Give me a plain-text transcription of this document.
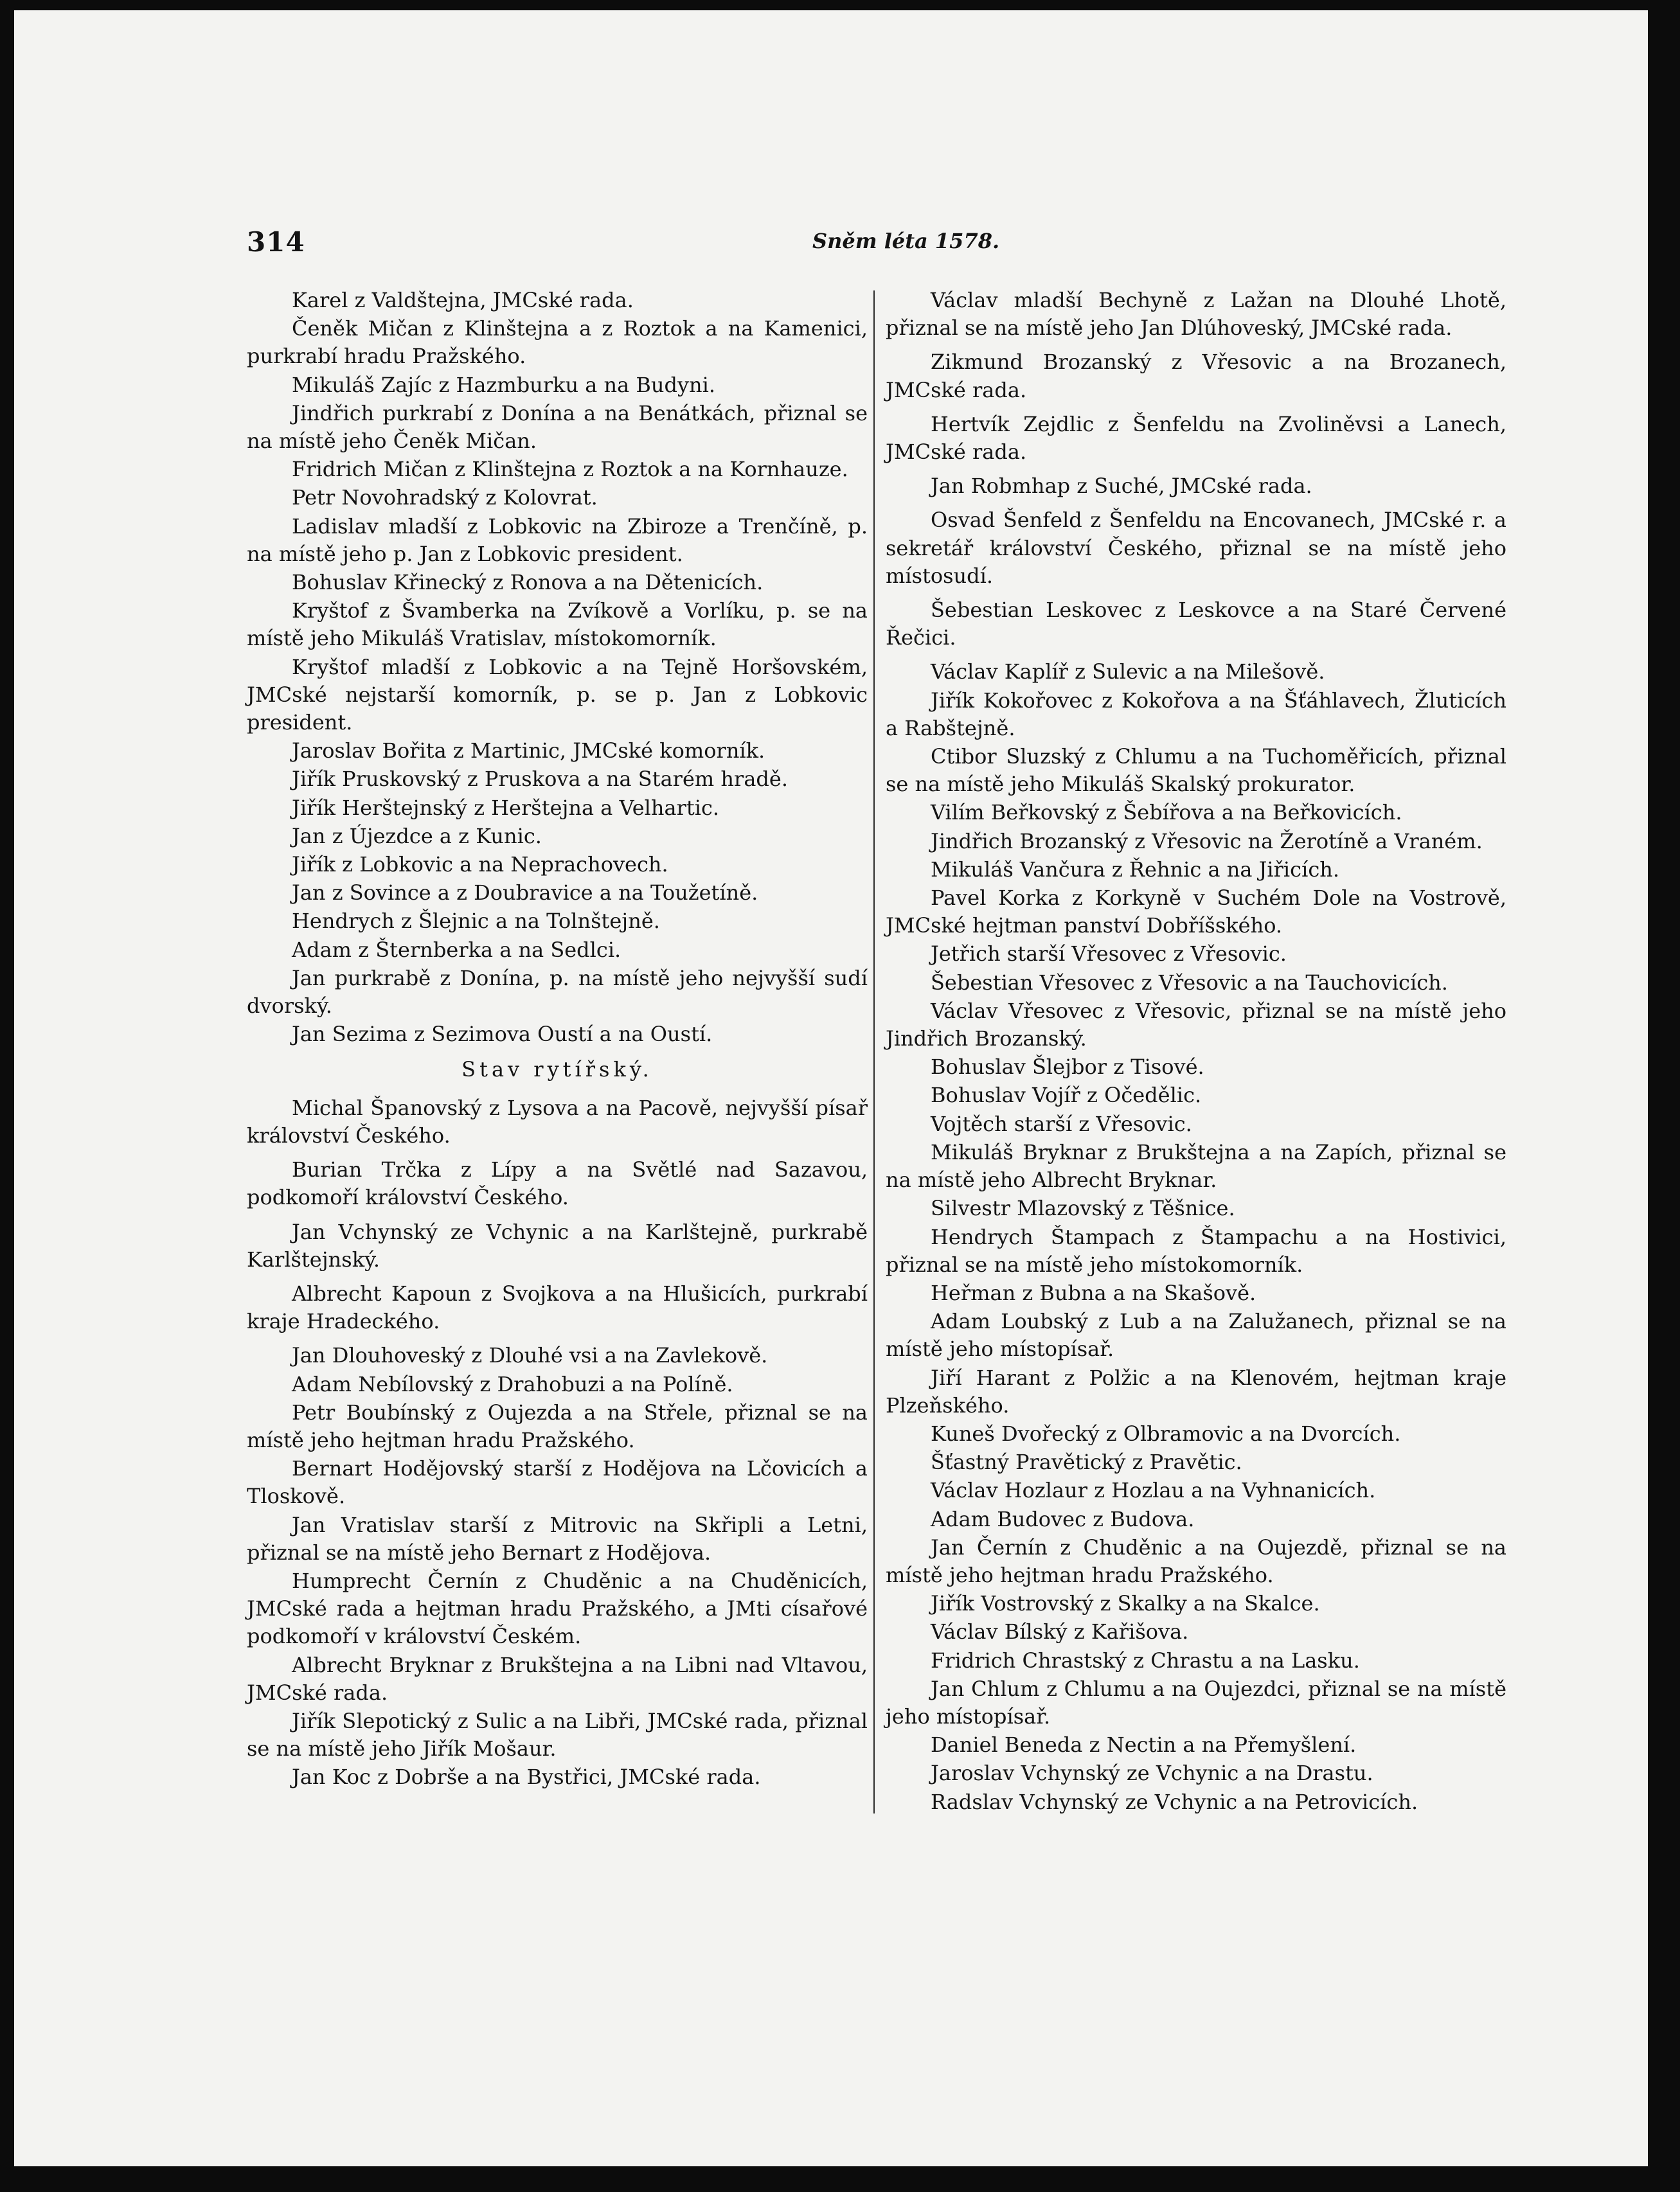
314	Sněm léta 1578.

Karel z Valdštejna, JMCské rada.

Čeněk Mičan z Klinštejna a z Roztok a na Kamenici, purkrabí hradu Pražského.

Mikuláš Zajíc z Hazmburku a na Budyni.

Jindřich purkrabí z Donína a na Benátkách, přiznal se na místě jeho Čeněk Mičan.

Fridrich Mičan z Klinštejna z Roztok a na Kornhauze.

Petr Novohradský z Kolovrat.

Ladislav mladší z Lobkovic na Zbiroze a Trenčíně, p. na místě jeho p. Jan z Lobkovic president.

Bohuslav Křinecký z Ronova a na Dětenicích.

Kryštof z Švamberka na Zvíkově a Vorlíku, p. se na místě jeho Mikuláš Vratislav, místokomorník.

Kryštof mladší z Lobkovic a na Tejně Horšovském, JMCské nejstarší komorník, p. se p. Jan z Lobkovic president.

Jaroslav Bořita z Martinic, JMCské komorník.

Jiřík Pruskovský z Pruskova a na Starém hradě.

Jiřík Herštejnský z Herštejna a Velhartic.

Jan z Újezdce a z Kunic.

Jiřík z Lobkovic a na Neprachovech.

Jan z Sovince a z Doubravice a na Toužetíně.

Hendrych z Šlejnic a na Tolnštejně.

Adam z Šternberka a na Sedlci.

Jan purkrabě z Donína, p. na místě jeho nejvyšší sudí dvorský.

Jan Sezima z Sezimova Oustí a na Oustí.

Stav rytířský.

Michal Španovský z Lysova a na Pacově, nejvyšší písař království Českého.

Burian Trčka z Lípy a na Světlé nad Sazavou, podkomoří království Českého.

Jan Vchynský ze Vchynic a na Karlštejně, purkrabě Karlštejnský.

Albrecht Kapoun z Svojkova a na Hlušicích, purkrabí kraje Hradeckého.

Jan Dlouhoveský z Dlouhé vsi a na Zavlekově.

Adam Nebílovský z Drahobuzi a na Políně.

Petr Boubínský z Oujezda a na Střele, přiznal se na místě jeho hejtman hradu Pražského.

Bernart Hodějovský starší z Hodějova na Lčovicích a Tloskově.

Jan Vratislav starší z Mitrovic na Skřipli a Letni, přiznal se na místě jeho Bernart z Hodějova.

Humprecht Černín z Chuděnic a na Chuděnicích, JMCské rada a hejtman hradu Pražského, a JMti císařové podkomoří v království Českém.

Albrecht Bryknar z Brukštejna a na Libni nad Vltavou, JMCské rada.

Jiřík Slepotický z Sulic a na Libři, JMCské rada, přiznal se na místě jeho Jiřík Mošaur.

Jan Koc z Dobrše a na Bystřici, JMCské rada.

Václav mladší Bechyně z Lažan na Dlouhé Lhotě, přiznal se na místě jeho Jan Dlúhoveský, JMCské rada.

Zikmund Brozanský z Vřesovic a na Brozanech, JMCské rada.

Hertvík Zejdlic z Šenfeldu na Zvoliněvsi a Lanech, JMCské rada.

Jan Robmhap z Suché, JMCské rada.

Osvad Šenfeld z Šenfeldu na Encovanech, JMCské r. a sekretář království Českého, přiznal se na místě jeho místosudí.

Šebestian Leskovec z Leskovce a na Staré Červené Řečici.

Václav Kaplíř z Sulevic a na Milešově.

Jiřík Kokořovec z Kokořova a na Šťáhlavech, Žluticích a Rabštejně.

Ctibor Sluzský z Chlumu a na Tuchoměřicích, přiznal se na místě jeho Mikuláš Skalský prokurator.

Vilím Beřkovský z Šebířova a na Beřkovicích.

Jindřich Brozanský z Vřesovic na Žerotíně a Vraném.

Mikuláš Vančura z Řehnic a na Jiřicích.

Pavel Korka z Korkyně v Suchém Dole na Vostrově, JMCské hejtman panství Dobříšského.

Jetřich starší Vřesovec z Vřesovic.

Šebestian Vřesovec z Vřesovic a na Tauchovicích.

Václav Vřesovec z Vřesovic, přiznal se na místě jeho Jindřich Brozanský.

Bohuslav Šlejbor z Tisové.

Bohuslav Vojíř z Očedělic.

Vojtěch starší z Vřesovic.

Mikuláš Bryknar z Brukštejna a na Zapích, přiznal se na místě jeho Albrecht Bryknar.

Silvestr Mlazovský z Těšnice.

Hendrych Štampach z Štampachu a na Hostivici, přiznal se na místě jeho místokomorník.

Heřman z Bubna a na Skašově.

Adam Loubský z Lub a na Zalužanech, přiznal se na místě jeho místopísař.

Jiří Harant z Polžic a na Klenovém, hejtman kraje Plzeňského.

Kuneš Dvořecký z Olbramovic a na Dvorcích.

Šťastný Pravětický z Pravětic.

Václav Hozlaur z Hozlau a na Vyhnanicích.

Adam Budovec z Budova.

Jan Černín z Chuděnic a na Oujezdě, přiznal se na místě jeho hejtman hradu Pražského.

Jiřík Vostrovský z Skalky a na Skalce.

Václav Bílský z Kařišova.

Fridrich Chrastský z Chrastu a na Lasku.

Jan Chlum z Chlumu a na Oujezdci, přiznal se na místě jeho místopísař.

Daniel Beneda z Nectin a na Přemyšlení.

Jaroslav Vchynský ze Vchynic a na Drastu.

Radslav Vchynský ze Vchynic a na Petrovicích.
